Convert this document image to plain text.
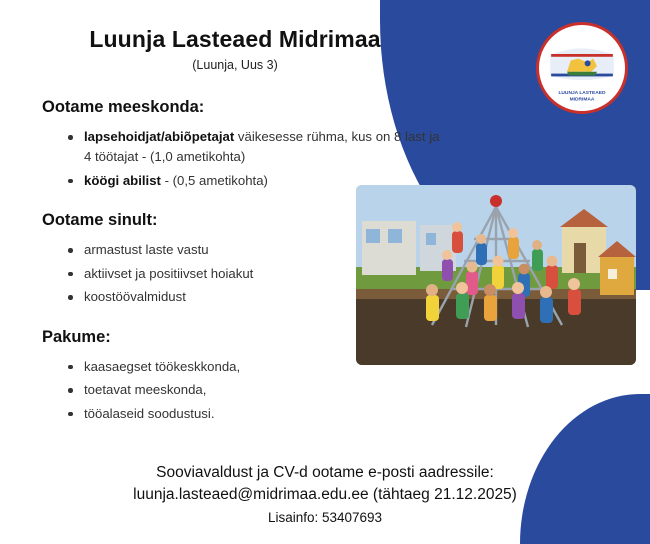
LUUNJA LASTEAED
MIDRIMAA
Luunja Lasteaed Midrimaa
(Luunja, Uus 3)
Ootame meeskonda:
lapsehoidjat/abiõpetajat väikesesse rühma, kus on 8 last ja 4 töötajat - (1,0 ametikohta)
köögi abilist - (0,5 ametikohta)
Ootame sinult:
armastust laste vastu
aktiivset ja positiivset hoiakut
koostöövalmidust
Pakume:
kaasaegset töökeskkonda,
toetavat meeskonda,
tööalaseid soodustusi.
Sooviavaldust ja CV-d ootame e-posti aadressile:
luunja.lasteaed@midrimaa.edu.ee (tähtaeg 21.12.2025)
Lisainfo: 53407693
